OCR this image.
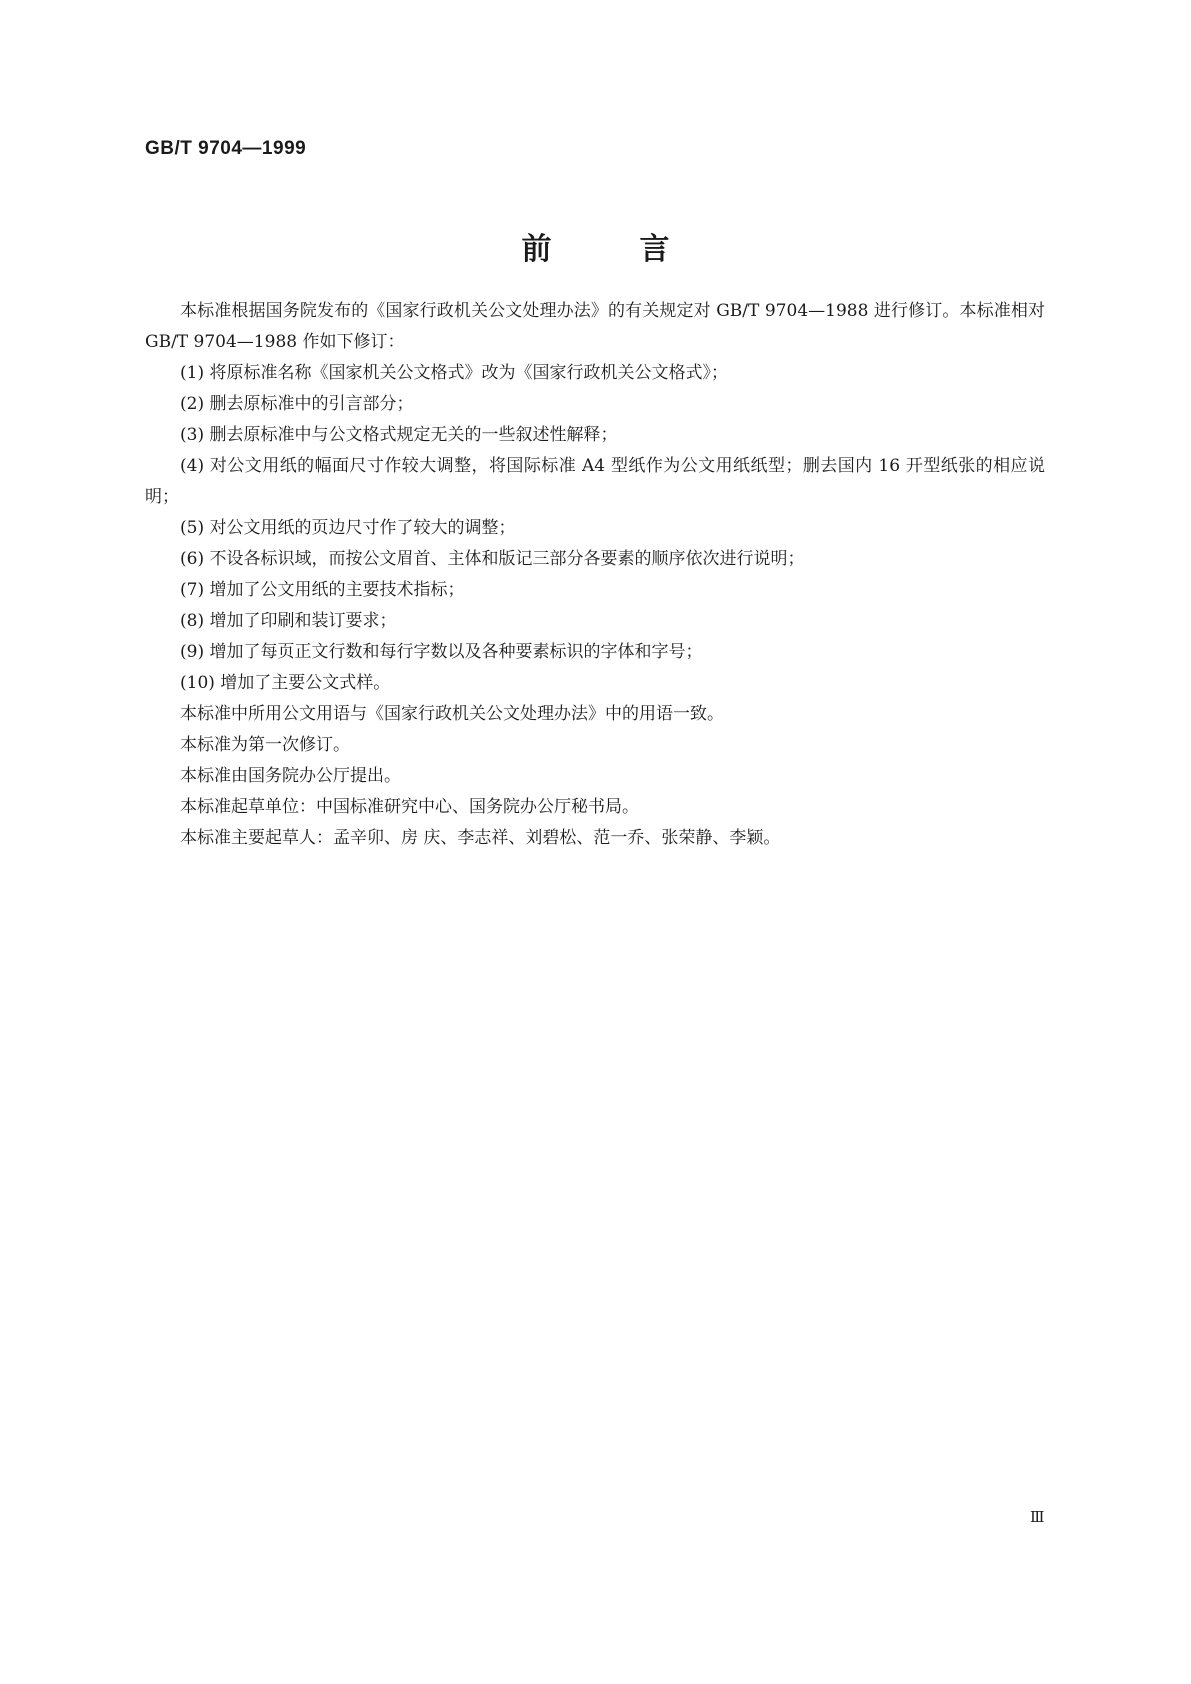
GB/T 9704—1999
前言

本标准根据国务院发布的《国家行政机关公文处理办法》的有关规定对 GB/T 9704—1988 进行修订。本标准相对 GB/T 9704—1988 作如下修订：

(1) 将原标准名称《国家机关公文格式》改为《国家行政机关公文格式》；

(2) 删去原标准中的引言部分；

(3) 删去原标准中与公文格式规定无关的一些叙述性解释；

(4) 对公文用纸的幅面尺寸作较大调整，将国际标准 A4 型纸作为公文用纸纸型；删去国内 16 开型纸张的相应说明；

(5) 对公文用纸的页边尺寸作了较大的调整；

(6) 不设各标识域，而按公文眉首、主体和版记三部分各要素的顺序依次进行说明；

(7) 增加了公文用纸的主要技术指标；

(8) 增加了印刷和装订要求；

(9) 增加了每页正文行数和每行字数以及各种要素标识的字体和字号；

(10) 增加了主要公文式样。

本标准中所用公文用语与《国家行政机关公文处理办法》中的用语一致。

本标准为第一次修订。

本标准由国务院办公厅提出。

本标准起草单位：中国标准研究中心、国务院办公厅秘书局。

本标准主要起草人：孟辛卯、房 庆、李志祥、刘碧松、范一乔、张荣静、李颖。

Ⅲ
